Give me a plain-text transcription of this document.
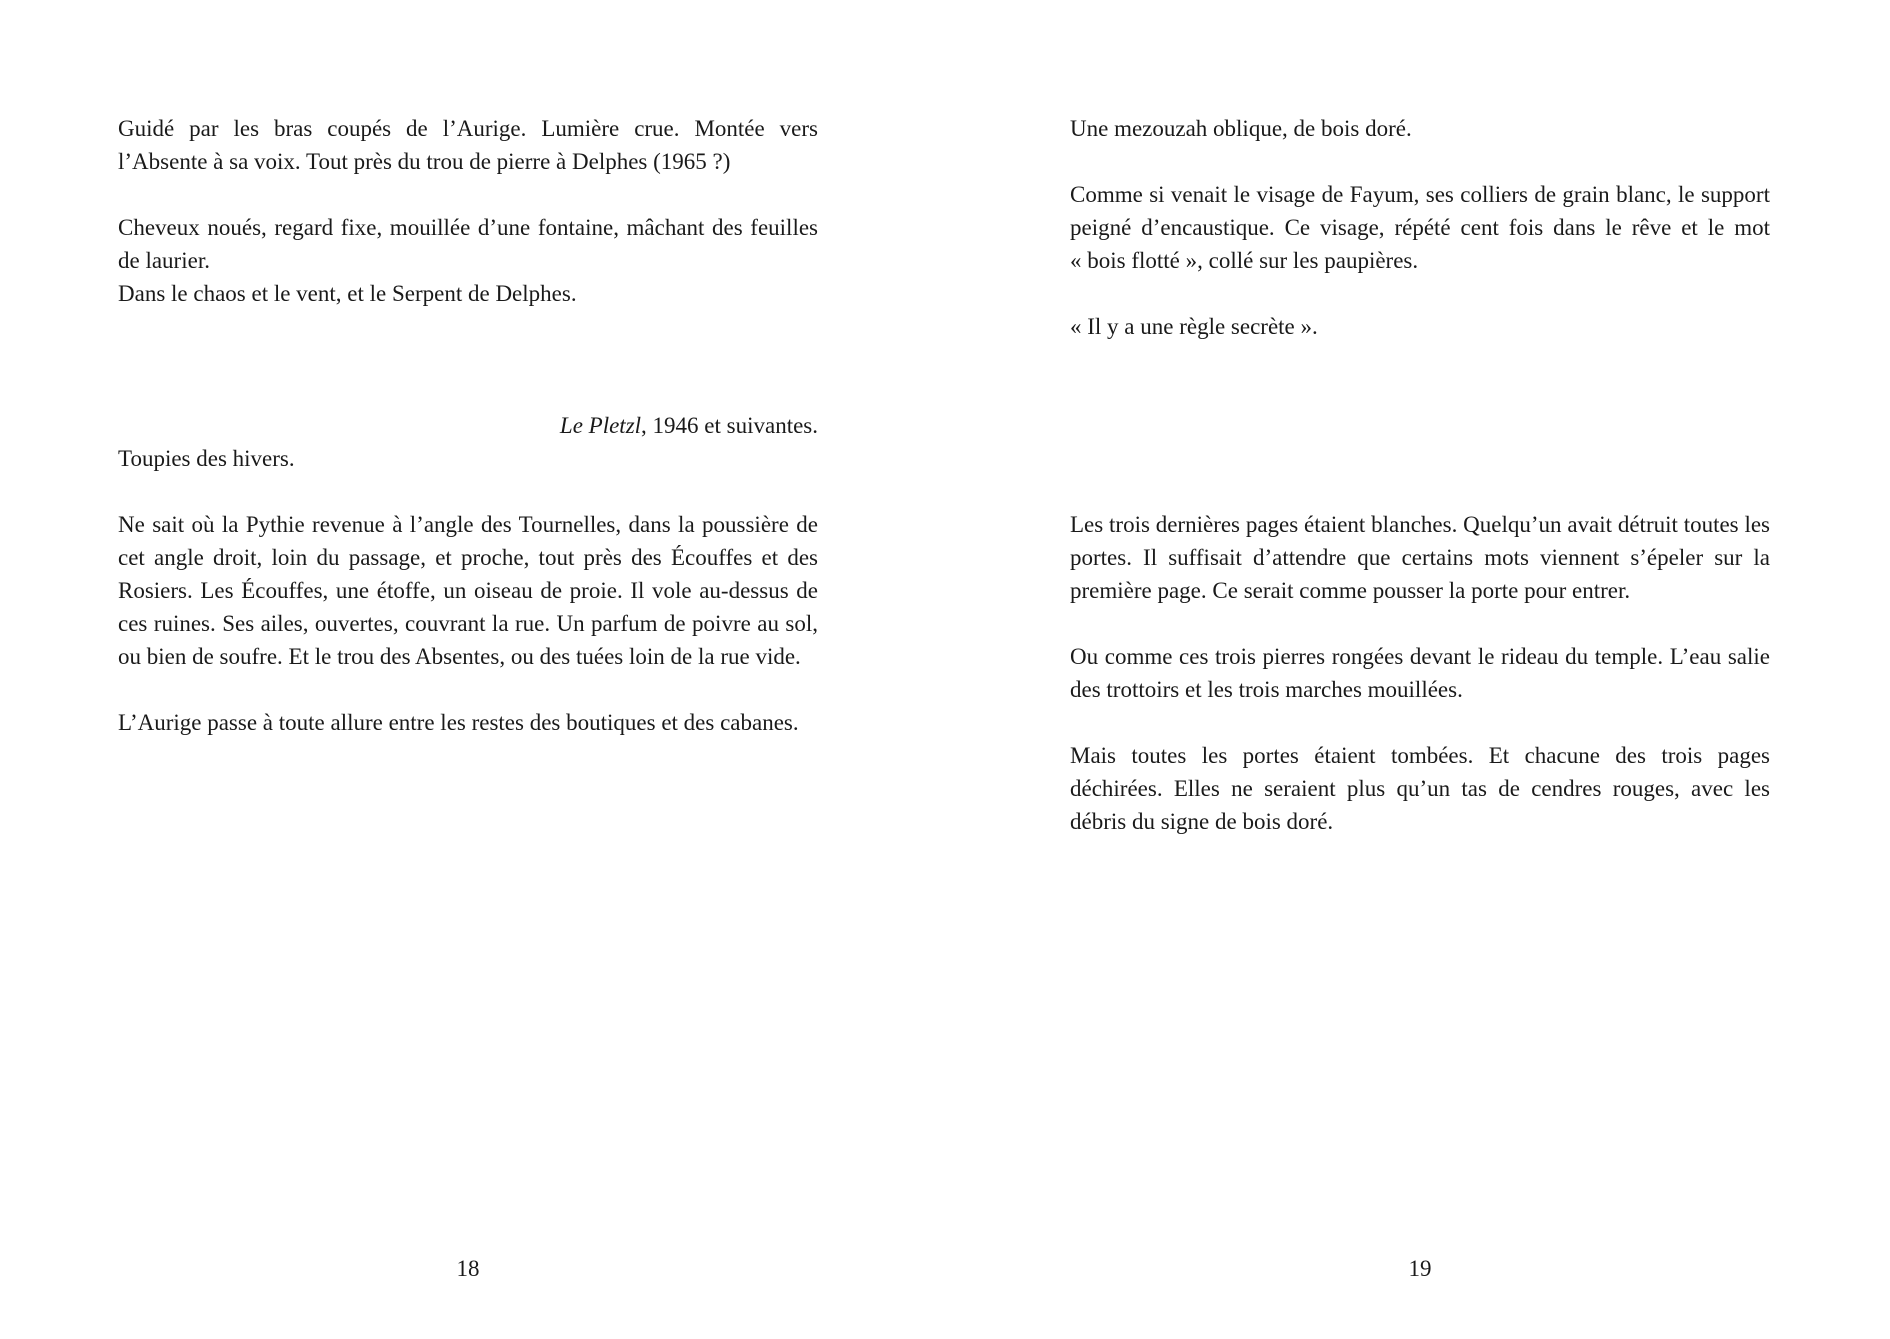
Guidé par les bras coupés de l’Aurige. Lumière crue. Montée vers l’Absente à sa voix. Tout près du trou de pierre à Delphes (1965 ?)

Cheveux noués, regard fixe, mouillée d’une fontaine, mâchant des feuilles de laurier.

Dans le chaos et le vent, et le Serpent de Delphes.

Le Pletzl, 1946 et suivantes.

Toupies des hivers.

Ne sait où la Pythie revenue à l’angle des Tournelles, dans la poussière de cet angle droit, loin du passage, et proche, tout près des Écouffes et des Rosiers. Les Écouffes, une étoffe, un oiseau de proie. Il vole au-dessus de ces ruines. Ses ailes, ouvertes, couvrant la rue. Un parfum de poivre au sol, ou bien de soufre. Et le trou des Absentes, ou des tuées loin de la rue vide.

L’Aurige passe à toute allure entre les restes des boutiques et des cabanes.

18

Une mezouzah oblique, de bois doré.

Comme si venait le visage de Fayum, ses colliers de grain blanc, le support peigné d’encaustique. Ce visage, répété cent fois dans le rêve et le mot « bois flotté », collé sur les paupières.

« Il y a une règle secrète ».

Les trois dernières pages étaient blanches. Quelqu’un avait détruit toutes les portes. Il suffisait d’attendre que certains mots viennent s’épeler sur la première page. Ce serait comme pousser la porte pour entrer.

Ou comme ces trois pierres rongées devant le rideau du temple. L’eau salie des trottoirs et les trois marches mouillées.

Mais toutes les portes étaient tombées. Et chacune des trois pages déchirées. Elles ne seraient plus qu’un tas de cendres rouges, avec les débris du signe de bois doré.

19
